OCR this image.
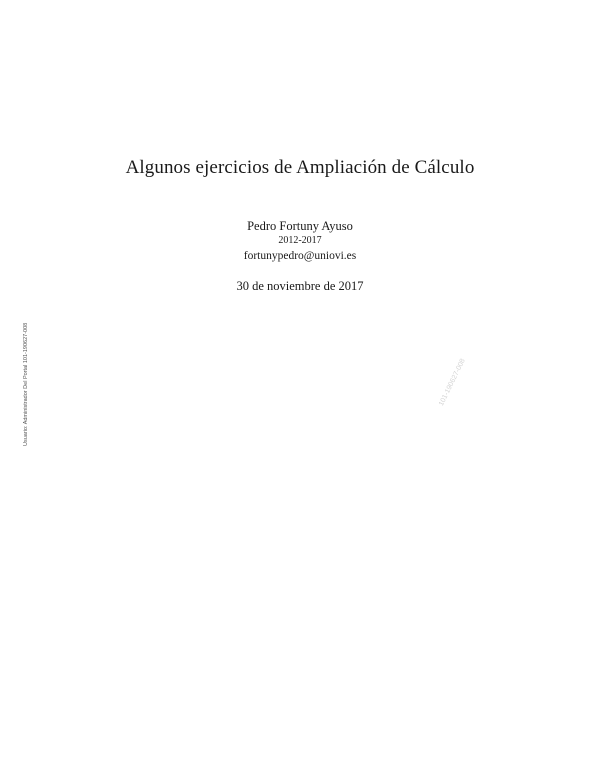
Algunos ejercicios de Ampliación de Cálculo
Pedro Fortuny Ayuso
2012-2017
fortunypedro@uniovi.es
30 de noviembre de 2017
Usuario: Administrador Del Portal 101-190627-008	101-190627-008
